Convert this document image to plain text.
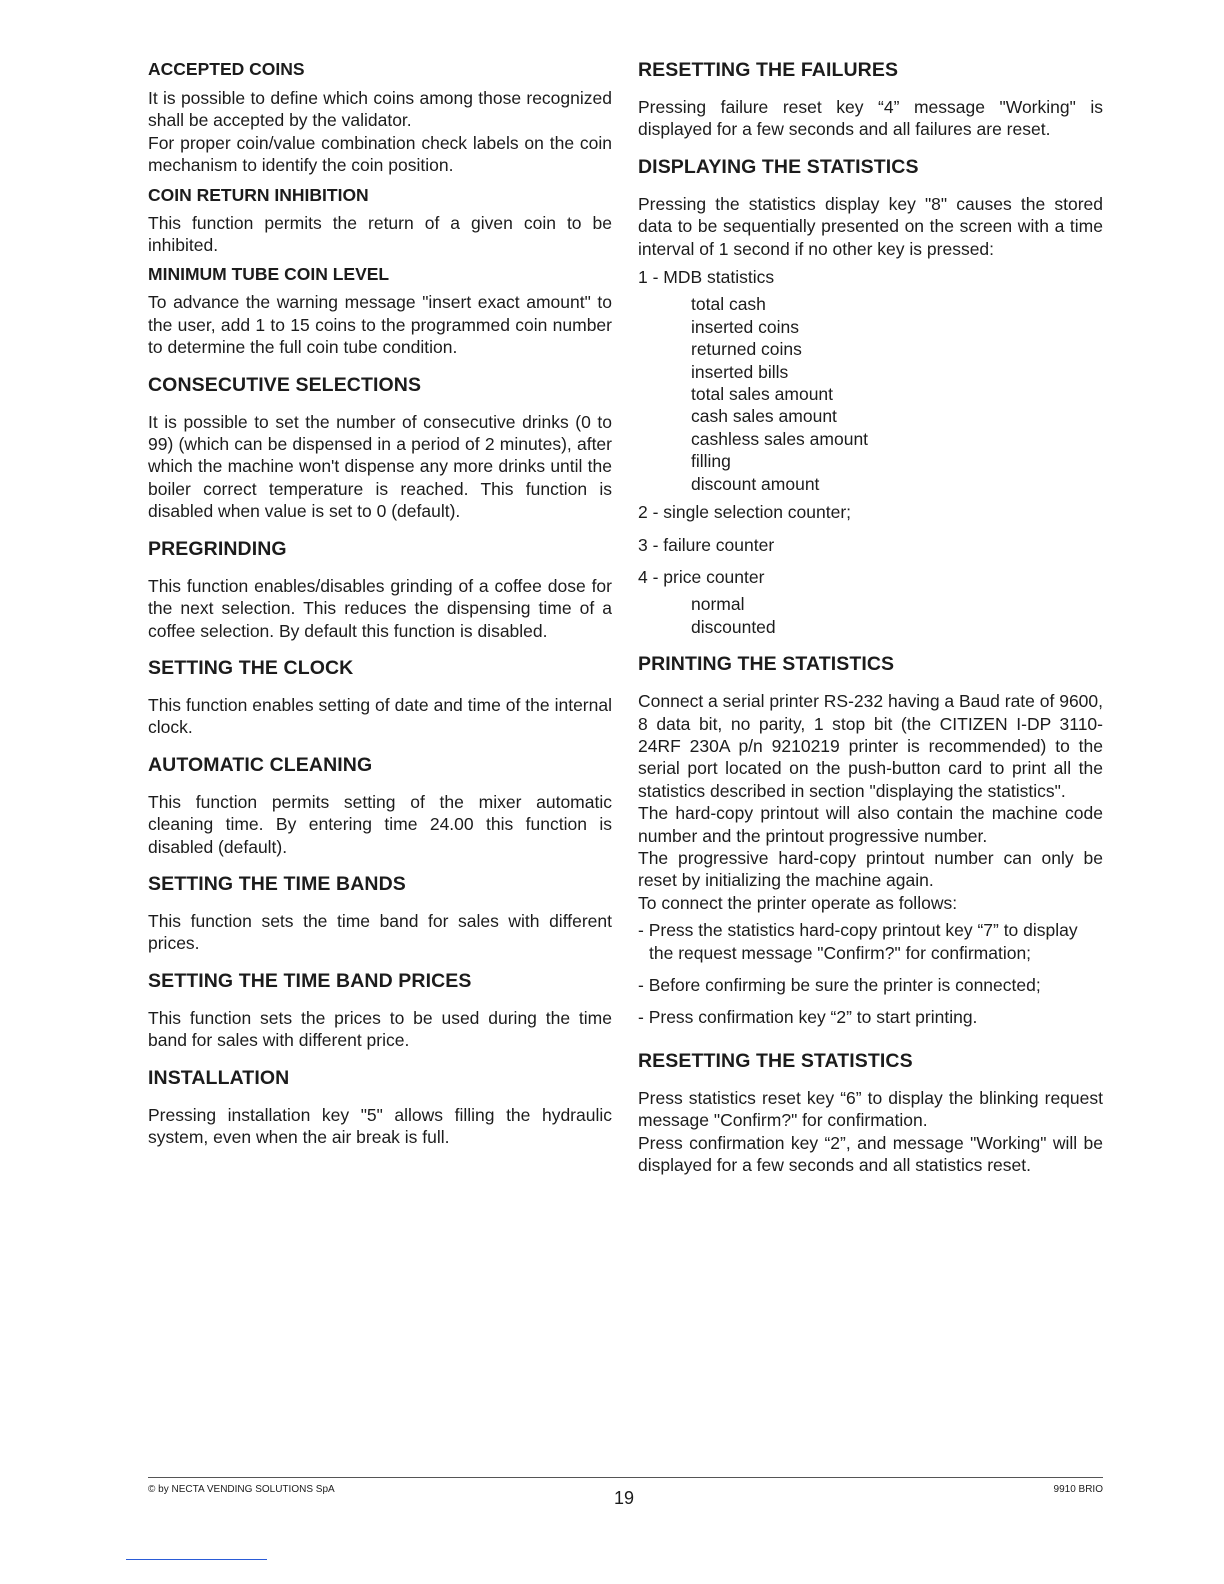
ACCEPTED COINS

It is possible to define which coins among those recognized shall be accepted by the validator.

For proper coin/value combination check labels on the coin mechanism to identify the coin position.

COIN RETURN INHIBITION

This function permits the return of a given coin to be inhibited.

MINIMUM TUBE COIN LEVEL

To advance the warning message "insert exact amount" to the user, add 1 to 15 coins to the programmed coin number to determine the full coin tube condition.

CONSECUTIVE SELECTIONS

It is possible to set the number of consecutive drinks (0 to 99) (which can be dispensed in a period of 2 minutes), after which the machine won't dispense any more drinks until the boiler correct temperature is reached. This function is disabled when value is set to 0 (default).

PREGRINDING

This function enables/disables grinding of a coffee dose for the next selection. This reduces the dispensing time of a coffee selection. By default this function is disabled.

SETTING THE CLOCK

This function enables setting of date and time of the internal clock.

AUTOMATIC CLEANING

This function permits setting of the mixer automatic cleaning time. By entering time 24.00 this function is disabled (default).

SETTING THE TIME BANDS

This function sets the time band for sales with different prices.

SETTING THE TIME BAND PRICES

This function sets the prices to be used during the time band for sales with different price.

INSTALLATION

Pressing installation key "5" allows filling the hydraulic system, even when the air break is full.

RESETTING THE FAILURES

Pressing failure reset key “4” message "Working" is displayed for a few seconds and all failures are reset.

DISPLAYING THE STATISTICS

Pressing the statistics display key "8" causes the stored data to be sequentially presented on the screen with a time interval of 1 second if no other key is pressed:

1 - MDB statistics
total cash
inserted coins
returned coins
inserted bills
total sales amount
cash sales amount
cashless sales amount
filling
discount amount
2 - single selection counter;
3 - failure counter
4 - price counter
normal
discounted
PRINTING THE STATISTICS

Connect a serial printer RS-232 having a Baud rate of 9600, 8 data bit, no parity, 1 stop bit (the CITIZEN I-DP 3110-24RF 230A p/n 9210219 printer is recommended) to the serial port located on the push-button card to print all the statistics described in section "displaying the statistics".

The hard-copy printout will also contain the machine code number and the printout progressive number.

The progressive hard-copy printout number can only be reset by initializing the machine again.

To connect the printer operate as follows:

- Press the statistics hard-copy printout key “7” to display the request message "Confirm?" for confirmation;
- Before confirming be sure the printer is connected;
- Press confirmation key “2” to start printing.
RESETTING THE STATISTICS

Press statistics reset key “6” to display the blinking request message "Confirm?" for confirmation.

Press confirmation key “2”, and message "Working" will be displayed for a few seconds and all statistics reset.

© by NECTA VENDING SOLUTIONS SpA	19	9910 BRIO
